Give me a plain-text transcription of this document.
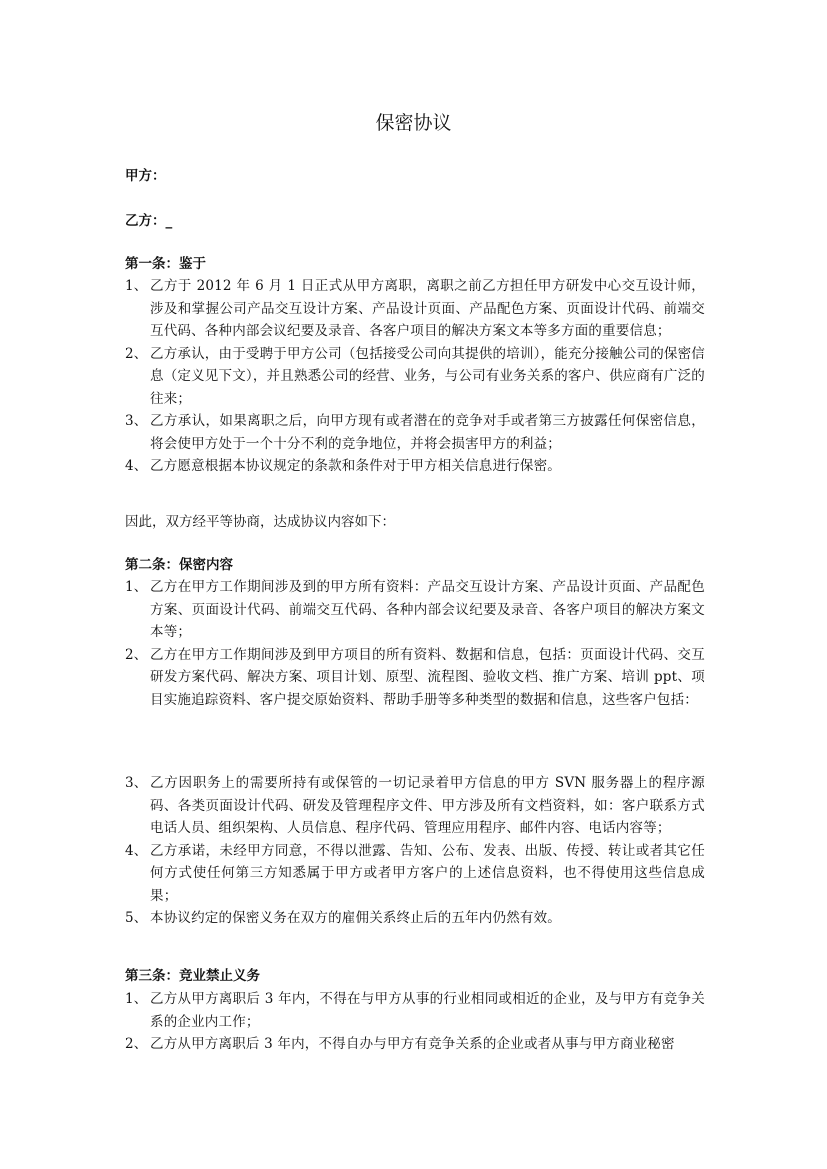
保密协议
甲方：
乙方：_
第一条：鉴于
1、 乙方于 2012 年 6 月 1 日正式从甲方离职，离职之前乙方担任甲方研发中心交互设计师，涉及和掌握公司产品交互设计方案、产品设计页面、产品配色方案、页面设计代码、前端交互代码、各种内部会议纪要及录音、各客户项目的解决方案文本等多方面的重要信息；
2、 乙方承认，由于受聘于甲方公司（包括接受公司向其提供的培训），能充分接触公司的保密信息（定义见下文），并且熟悉公司的经营、业务，与公司有业务关系的客户、供应商有广泛的往来；
3、 乙方承认，如果离职之后，向甲方现有或者潜在的竞争对手或者第三方披露任何保密信息，将会使甲方处于一个十分不利的竞争地位，并将会损害甲方的利益；
4、 乙方愿意根据本协议规定的条款和条件对于甲方相关信息进行保密。
因此，双方经平等协商，达成协议内容如下：
第二条：保密内容
1、 乙方在甲方工作期间涉及到的甲方所有资料：产品交互设计方案、产品设计页面、产品配色方案、页面设计代码、前端交互代码、各种内部会议纪要及录音、各客户项目的解决方案文本等；
2、 乙方在甲方工作期间涉及到甲方项目的所有资料、数据和信息，包括：页面设计代码、交互研发方案代码、解决方案、项目计划、原型、流程图、验收文档、推广方案、培训 ppt、项目实施追踪资料、客户提交原始资料、帮助手册等多种类型的数据和信息，这些客户包括：
3、 乙方因职务上的需要所持有或保管的一切记录着甲方信息的甲方 SVN 服务器上的程序源码、各类页面设计代码、研发及管理程序文件、甲方涉及所有文档资料，如：客户联系方式电话人员、组织架构、人员信息、程序代码、管理应用程序、邮件内容、电话内容等；
4、 乙方承诺，未经甲方同意，不得以泄露、告知、公布、发表、出版、传授、转让或者其它任何方式使任何第三方知悉属于甲方或者甲方客户的上述信息资料，也不得使用这些信息成果；
5、 本协议约定的保密义务在双方的雇佣关系终止后的五年内仍然有效。
第三条：竞业禁止义务
1、 乙方从甲方离职后 3 年内，不得在与甲方从事的行业相同或相近的企业，及与甲方有竞争关系的企业内工作；
2、 乙方从甲方离职后 3 年内，不得自办与甲方有竞争关系的企业或者从事与甲方商业秘密
